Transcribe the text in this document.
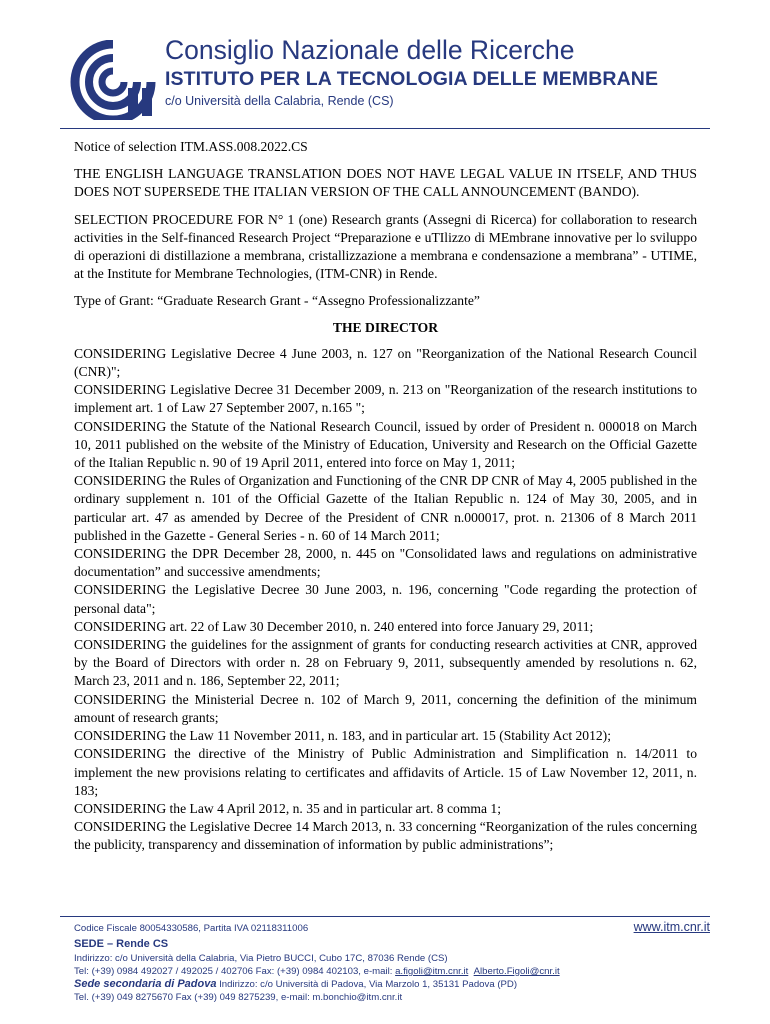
Consiglio Nazionale delle Ricerche
ISTITUTO PER LA TECNOLOGIA DELLE MEMBRANE
c/o Università della Calabria, Rende (CS)

Notice of selection ITM.ASS.008.2022.CS

THE ENGLISH LANGUAGE TRANSLATION DOES NOT HAVE LEGAL VALUE IN ITSELF, AND THUS DOES NOT SUPERSEDE THE ITALIAN VERSION OF THE CALL ANNOUNCEMENT (BANDO).

SELECTION PROCEDURE FOR N° 1 (one) Research grants (Assegni di Ricerca) for collaboration to research activities in the Self-financed Research Project “Preparazione e uTIlizzo di MEmbrane innovative per lo sviluppo di operazioni di distillazione a membrana, cristallizzazione a membrana e condensazione a membrana” - UTIME, at the Institute for Membrane Technologies, (ITM-CNR) in Rende.

Type of Grant: “Graduate Research Grant - “Assegno Professionalizzante”

THE DIRECTOR

CONSIDERING Legislative Decree 4 June 2003, n. 127 on "Reorganization of the National Research Council (CNR)";

CONSIDERING Legislative Decree 31 December 2009, n. 213 on "Reorganization of the research institutions to implement art. 1 of Law 27 September 2007, n.165 ";

CONSIDERING the Statute of the National Research Council, issued by order of President n. 000018 on March 10, 2011 published on the website of the Ministry of Education, University and Research on the Official Gazette of the Italian Republic n. 90 of 19 April 2011, entered into force on May 1, 2011;

CONSIDERING the Rules of Organization and Functioning of the CNR DP CNR of May 4, 2005 published in the ordinary supplement n. 101 of the Official Gazette of the Italian Republic n. 124 of May 30, 2005, and in particular art. 47 as amended by Decree of the President of CNR n.000017, prot. n. 21306 of 8 March 2011 published in the Gazette - General Series - n. 60 of 14 March 2011;

CONSIDERING the DPR December 28, 2000, n. 445 on "Consolidated laws and regulations on administrative documentation” and successive amendments;

CONSIDERING the Legislative Decree 30 June 2003, n. 196, concerning "Code regarding the protection of personal data";

CONSIDERING art. 22 of Law 30 December 2010, n. 240 entered into force January 29, 2011;

CONSIDERING the guidelines for the assignment of grants for conducting research activities at CNR, approved by the Board of Directors with order n. 28 on February 9, 2011, subsequently amended by resolutions n. 62, March 23, 2011 and n. 186, September 22, 2011;

CONSIDERING the Ministerial Decree n. 102 of March 9, 2011, concerning the definition of the minimum amount of research grants;

CONSIDERING the Law 11 November 2011, n. 183, and in particular art. 15 (Stability Act 2012);

CONSIDERING the directive of the Ministry of Public Administration and Simplification n. 14/2011 to implement the new provisions relating to certificates and affidavits of Article. 15 of Law November 12, 2011, n. 183;

CONSIDERING the Law 4 April 2012, n. 35 and in particular art. 8 comma 1;

CONSIDERING the Legislative Decree 14 March 2013, n. 33 concerning “Reorganization of the rules concerning the publicity, transparency and dissemination of information by public administrations”;

Codice Fiscale 80054330586, Partita IVA 02118311006	www.itm.cnr.it
SEDE – Rende CS
Indirizzo: c/o Università della Calabria, Via Pietro BUCCI, Cubo 17C, 87036 Rende (CS)
Tel: (+39) 0984 492027 / 492025 / 402706 Fax: (+39) 0984 402103, e-mail: a.figoli@itm.cnr.it Alberto.Figoli@cnr.it
Sede secondaria di Padova Indirizzo: c/o Università di Padova, Via Marzolo 1, 35131 Padova (PD)
Tel. (+39) 049 8275670 Fax (+39) 049 8275239, e-mail: m.bonchio@itm.cnr.it
